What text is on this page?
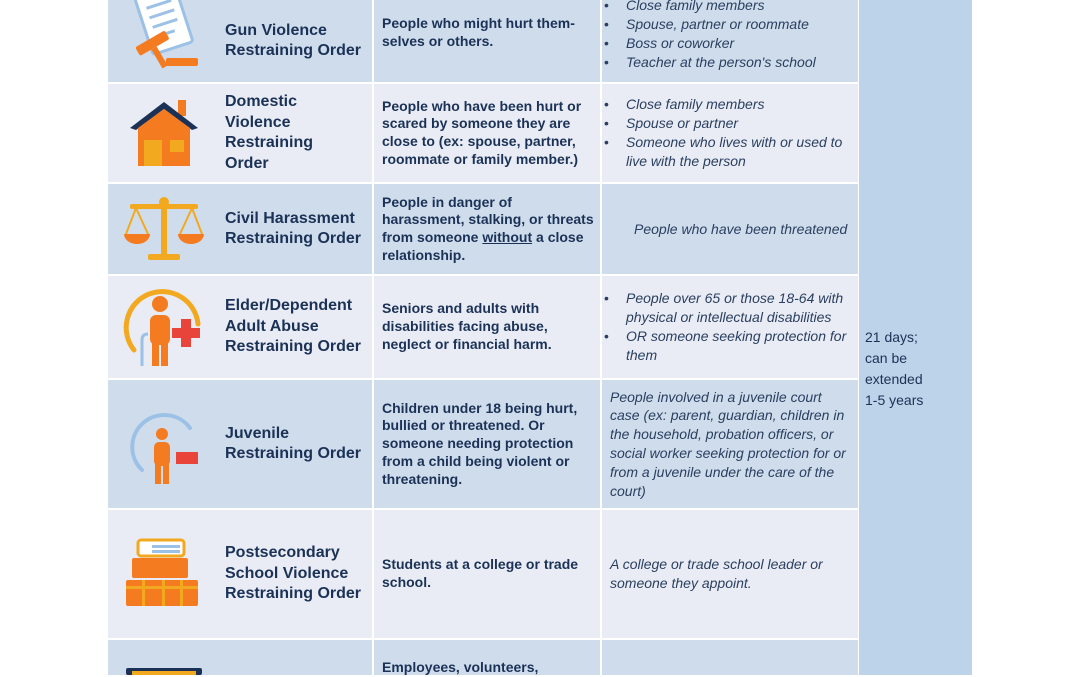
Gun Violence Restraining Order
People who might hurt them-selves or others.
• Close family members
• Spouse, partner or roommate
• Boss or coworker
• Teacher at the person's school
Domestic Violence Restraining Order
People who have been hurt or scared by someone they are close to (ex: spouse, partner, roommate or family member.)
• Close family members
• Spouse or partner
• Someone who lives with or used to live with the person
Civil Harassment Restraining Order
People in danger of harassment, stalking, or threats from someone without a close relationship.
People who have been threatened
Elder/Dependent Adult Abuse Restraining Order
Seniors and adults with disabilities facing abuse, neglect or financial harm.
• People over 65 or those 18-64 with physical or intellectual disabilities
• OR someone seeking protection for them
Juvenile Restraining Order
Children under 18 being hurt, bullied or threatened. Or someone needing protection from a child being violent or threatening.
People involved in a juvenile court case (ex: parent, guardian, children in the household, probation officers, or social worker seeking protection for or from a juvenile under the care of the court)
Postsecondary School Violence Restraining Order
Students at a college or trade school.
A college or trade school leader or someone they appoint.
Employees, volunteers,
21 days;
can be
extended
1-5 years
